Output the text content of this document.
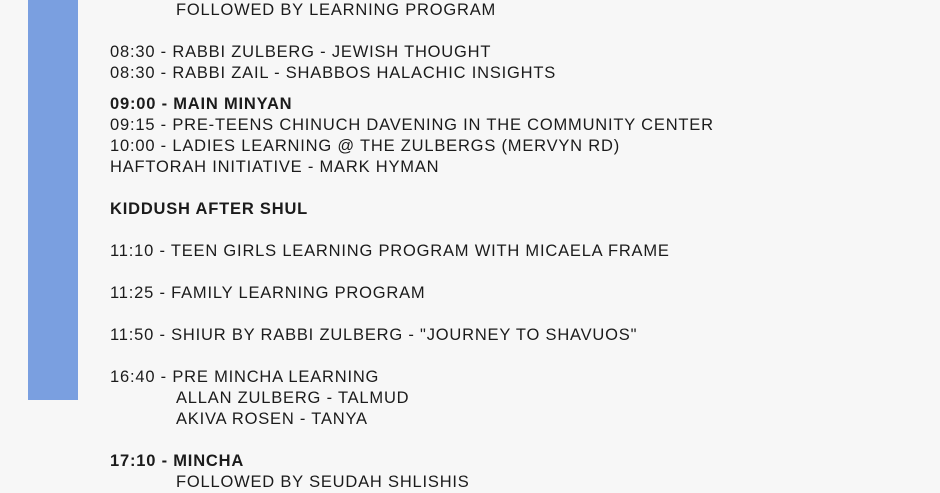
FOLLOWED BY LEARNING PROGRAM
08:30 - RABBI ZULBERG - JEWISH THOUGHT
08:30 - RABBI ZAIL - SHABBOS HALACHIC INSIGHTS
09:00 - MAIN MINYAN
09:15 - PRE-TEENS CHINUCH DAVENING IN THE COMMUNITY CENTER
10:00 - LADIES LEARNING @ THE ZULBERGS (MERVYN RD)
HAFTORAH INITIATIVE - MARK HYMAN
KIDDUSH AFTER SHUL
11:10 - TEEN GIRLS LEARNING PROGRAM WITH MICAELA FRAME
11:25 - FAMILY LEARNING PROGRAM
11:50 - SHIUR BY RABBI ZULBERG - "JOURNEY TO SHAVUOS"
16:40 - PRE MINCHA LEARNING
ALLAN ZULBERG - TALMUD
AKIVA ROSEN - TANYA
17:10 - MINCHA
FOLLOWED BY SEUDAH SHLISHIS
